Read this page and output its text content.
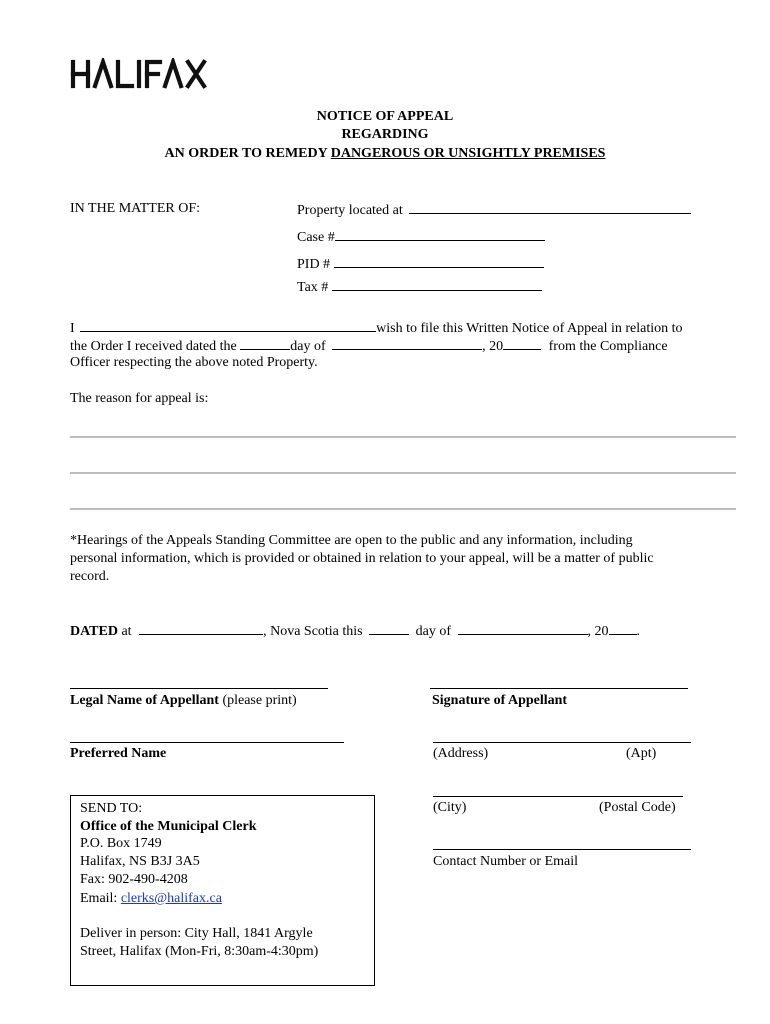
NOTICE OF APPEAL
REGARDING
AN ORDER TO REMEDY DANGEROUS OR UNSIGHTLY PREMISES
IN THE MATTER OF:	Property located at
Case #
PID #
Tax #
I	wish to file this Written Notice of Appeal in relation to
the Order I received dated the	day of	, 20	from the Compliance
Officer respecting the above noted Property.
The reason for appeal is:
*Hearings of the Appeals Standing Committee are open to the public and any information, including
personal information, which is provided or obtained in relation to your appeal, will be a matter of public
record.
DATED at	, Nova Scotia this	day of	, 20 .
Legal Name of Appellant (please print)	Signature of Appellant
Preferred Name	(Address)	(Apt)
(City)	(Postal Code)
Contact Number or Email
SEND TO:
Office of the Municipal Clerk
P.O. Box 1749
Halifax, NS B3J 3A5
Fax: 902-490-4208
Email: clerks@halifax.ca
Deliver in person: City Hall, 1841 Argyle
Street, Halifax (Mon-Fri, 8:30am-4:30pm)
